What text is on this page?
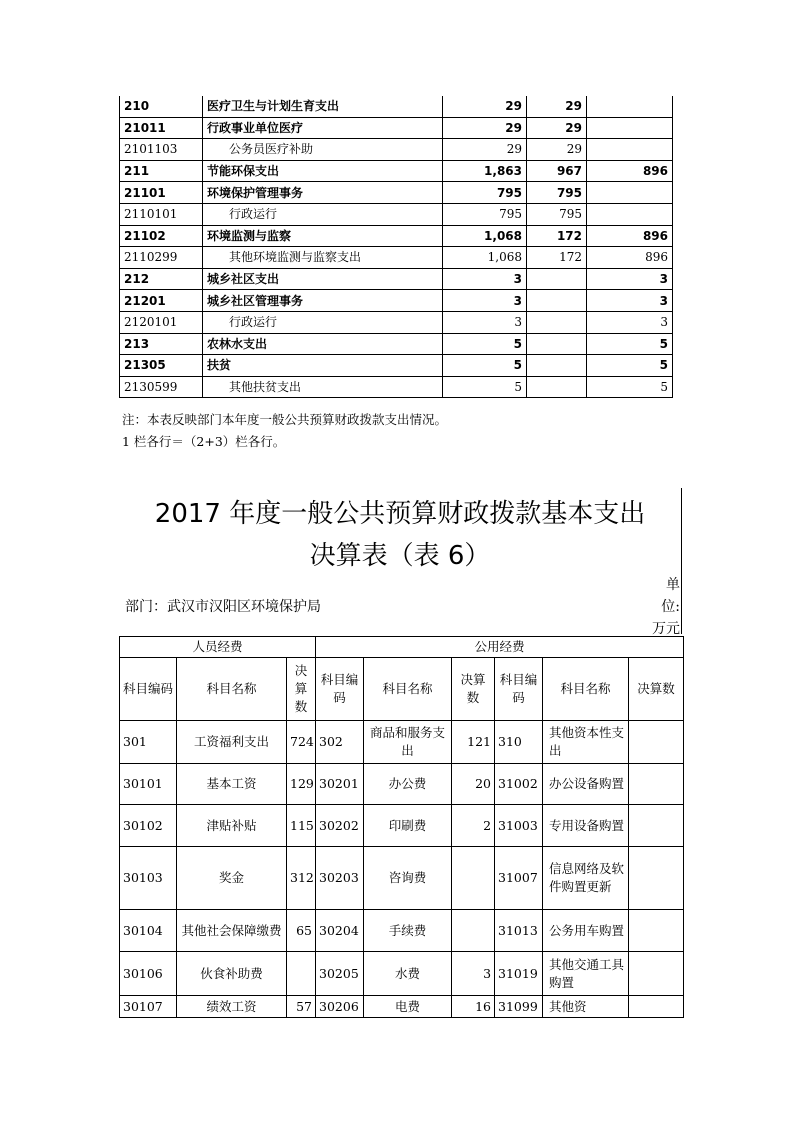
210	医疗卫生与计划生育支出	29	29	
21011	行政事业单位医疗	29	29	
2101103	公务员医疗补助	29	29	
211	节能环保支出	1,863	967	896
21101	环境保护管理事务	795	795	
2110101	行政运行	795	795	
21102	环境监测与监察	1,068	172	896
2110299	其他环境监测与监察支出	1,068	172	896
212	城乡社区支出	3		3
21201	城乡社区管理事务	3		3
2120101	行政运行	3		3
213	农林水支出	5		5
21305	扶贫	5		5
2130599	其他扶贫支出	5		5
注：本表反映部门本年度一般公共预算财政拨款支出情况。
1 栏各行＝（2+3）栏各行。
2017 年度一般公共预算财政拨款基本支出
决算表（表 6）
部门：武汉市汉阳区环境保护局
单
位:
万元
人员经费			公用经费					
科目编码	科目名称	决算数	科目编码	科目名称	决算数	科目编码	科目名称	决算数
301	工资福利支出	724	302	商品和服务支出	121	310	其他资本性支出	
30101	基本工资	129	30201	办公费	20	31002	办公设备购置	
30102	津贴补贴	115	30202	印刷费	2	31003	专用设备购置	
30103	奖金	312	30203	咨询费		31007	信息网络及软件购置更新	
30104	其他社会保障缴费	65	30204	手续费		31013	公务用车购置	
30106	伙食补助费		30205	水费	3	31019	其他交通工具购置	
30107	绩效工资	57	30206	电费	16	31099	其他资	
